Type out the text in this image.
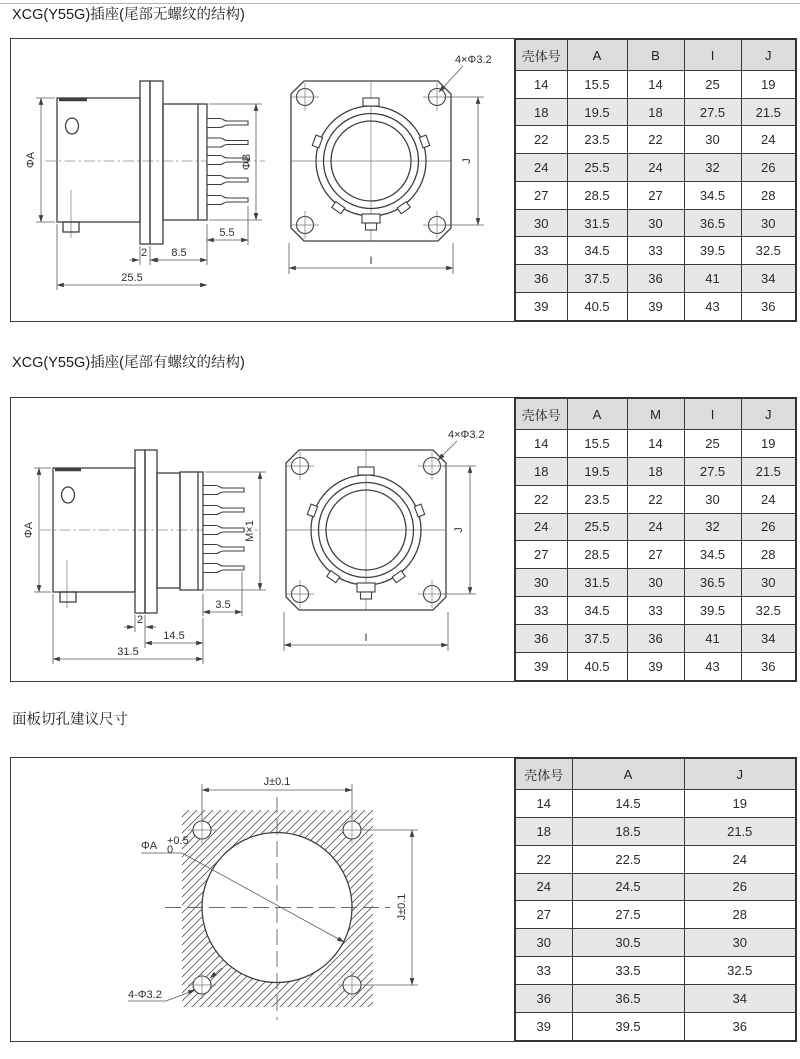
XCG(Y55G)插座(尾部无螺纹的结构)
ΦA	ΦB
5.5
2 8.5
25.5
4×Φ3.2
J
I
壳体号	A	B	I	J
14	15.5	14	25	19
18	19.5	18	27.5	21.5
22	23.5	22	30	24
24	25.5	24	32	26
27	28.5	27	34.5	28
30	31.5	30	36.5	30
33	34.5	33	39.5	32.5
36	37.5	36	41	34
39	40.5	39	43	36
XCG(Y55G)插座(尾部有螺纹的结构)
ΦA	M×1
3.5
2
14.5
31.5
4×Φ3.2
J
I
壳体号	A	M	I	J
14	15.5	14	25	19
18	19.5	18	27.5	21.5
22	23.5	22	30	24
24	25.5	24	32	26
27	28.5	27	34.5	28
30	31.5	30	36.5	30
33	34.5	33	39.5	32.5
36	37.5	36	41	34
39	40.5	39	43	36
面板切孔建议尺寸
J±0.1
J±0.1
ΦA +0.5
0
4-Φ3.2
壳体号	A	J
14	14.5	19
18	18.5	21.5
22	22.5	24
24	24.5	26
27	27.5	28
30	30.5	30
33	33.5	32.5
36	36.5	34
39	39.5	36
